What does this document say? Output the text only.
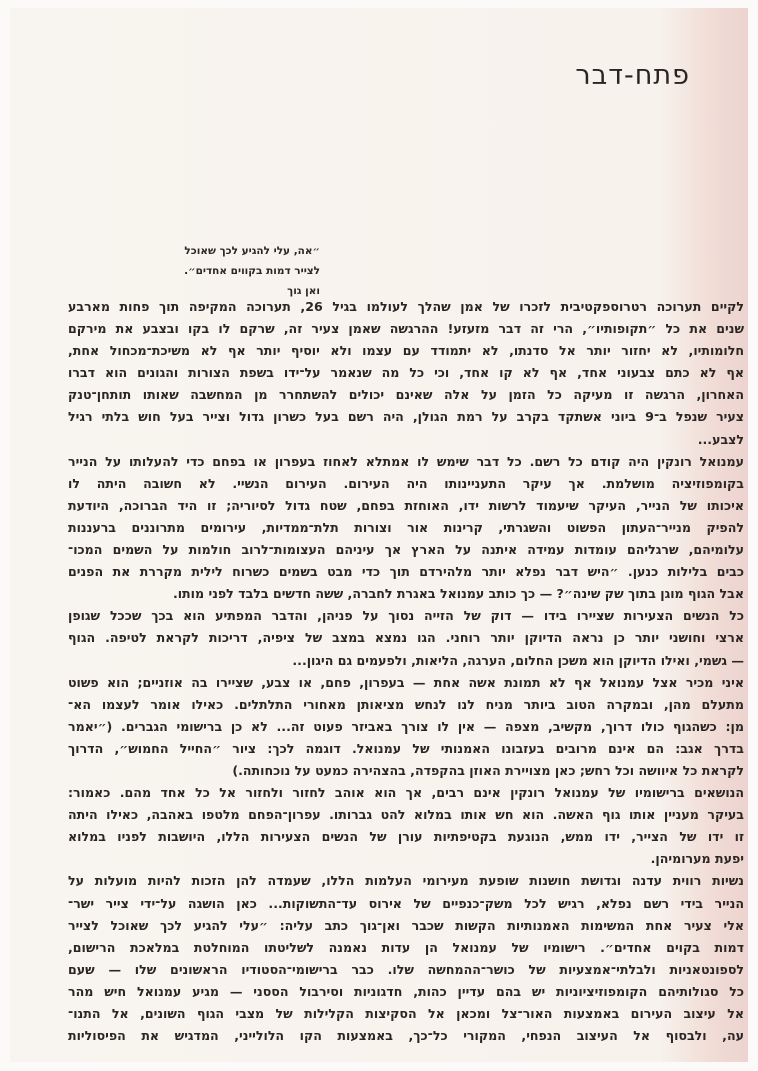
פתח-דבר
״אה, עלי להגיע לכך שאוכל
לצייר דמות בקווים אחדים״.
ואן גוך
לקיים תערוכה רטרוספקטיבית לזכרו של אמן שהלך לעולמו בגיל 26, תערוכה המקיפה תוך פחות מארבע
שנים את כל ״תקופותיו״, הרי זה דבר מזעזע! ההרגשה שאמן צעיר זה, שרקם לו בקו ובצבע את מירקם
חלומותיו, לא יחזור יותר אל סדנתו, לא יתמודד עם עצמו ולא יוסיף יותר אף לא משיכת־מכחול אחת,
אף לא כתם צבעוני אחד, אף לא קו אחד, וכי כל מה שנאמר על־ידו בשפת הצורות והגונים הוא דברו
האחרון, הרגשה זו מעיקה כל הזמן על אלה שאינם יכולים להשתחרר מן המחשבה שאותו תותחן־טנק
צעיר שנפל ב־9 ביוני אשתקד בקרב על רמת הגולן, היה רשם בעל כשרון גדול וצייר בעל חוש בלתי רגיל
לצבע...
עמנואל רונקין היה קודם כל רשם. כל דבר שימש לו אמתלא לאחוז בעפרון או בפחם כדי להעלותו על הנייר
בקומפוזיציה מושלמת. אך עיקר התעניינותו היה העירום. העירום הנשיי. לא חשובה היתה לו
איכותו של הנייר, העיקר שיעמוד לרשות ידו, האוחזת בפחם, שטח גדול לסיוריה; זו היד הברוכה, היודעת
להפיק מנייר־העתון הפשוט והשגרתי, קרינות אור וצורות תלת־ממדיות, עירומים מתרוננים ברעננות
עלומיהם, שרגליהם עומדות עמידה איתנה על הארץ אך עיניהם העצומות־לרוב חולמות על השמים המכו־
כבים בלילות כנען. ״היש דבר נפלא יותר מלהירדם תוך כדי מבט בשמים כשרוח לילית מקררת את הפנים
אבל הגוף מוגן בתוך שק שינה״? — כך כותב עמנואל באגרת לחברה, ששה חדשים בלבד לפני מותו.
כל הנשים הצעירות שציירו בידו — דוק של הזייה נסוך על פניהן, והדבר המפתיע הוא בכך שככל שגופן
ארצי וחושני יותר כן נראה הדיוקן יותר רוחני. הגו נמצא במצב של ציפיה, דריכות לקראת לטיפה. הגוף
— גשמי, ואילו הדיוקן הוא משכן החלום, הערגה, הליאות, ולפעמים גם היגון...
איני מכיר אצל עמנואל אף לא תמונת אשה אחת — בעפרון, פחם, או צבע, שציירו בה אוזניים; הוא פשוט
מתעלם מהן, ובמקרה הטוב ביותר מניח לנו לנחש מציאותן מאחורי התלתלים. כאילו אומר לעצמו הא־
מן: כשהגוף כולו דרוך, מקשיב, מצפה — אין לו צורך באביזר פעוט זה... לא כן ברישומי הגברים. (״יאמר
בדרך אגב: הם אינם מרובים בעזבונו האמנותי של עמנואל. דוגמה לכך: ציור ״החייל החמוש״, הדרוך
לקראת כל איוושה וכל רחש; כאן מצויירת האוזן בהקפדה, בהצהירה כמעט על נוכחותה.)
הנושאים ברישומיו של עמנואל רונקין אינם רבים, אך הוא אוהב לחזור ולחזור אל כל אחד מהם. כאמור:
בעיקר מעניין אותו גוף האשה. הוא חש אותו במלוא להט גברותו. עפרון־הפחם מלטפו באהבה, כאילו היתה
זו ידו של הצייר, ידו ממש, הנוגעת בקטיפתיות עורן של הנשים הצעירות הללו, היושבות לפניו במלוא
יפעת מערומיהן.
נשיות רווית עדנה וגדושת חושנות שופעת מעירומי העלמות הללו, שעמדה להן הזכות להיות מועלות על
הנייר בידי רשם נפלא, רגיש לכל משק־כנפיים של אירוס עד־התשוקות... כאן הושגה על־ידי צייר ישר־
אלי צעיר אחת המשימות האמנותיות הקשות שכבר ואן־גוך כתב עליה: ״עלי להגיע לכך שאוכל לצייר
דמות בקוים אחדים״. רישומיו של עמנואל הן עדות נאמנה לשליטתו המוחלטת במלאכת הרישום,
לספונטאניות ולבלתי־אמצעיות של כושר־ההמחשה שלו. כבר ברישומי־הסטודיו הראשונים שלו — שעם
כל סגולותיהם הקומפוזיציוניות יש בהם עדיין כהות, חדגוניות וסירבול הססני — מגיע עמנואל חיש מהר
אל עיצוב העירום באמצעות האור־צל ומכאן אל הסקיצות הקלילות של מצבי הגוף השונים, אל התנו־
עה, ולבסוף אל העיצוב הנפחי, המקורי כל־כך, באמצעות הקו הלולייני, המדגיש את הפיסוליות
